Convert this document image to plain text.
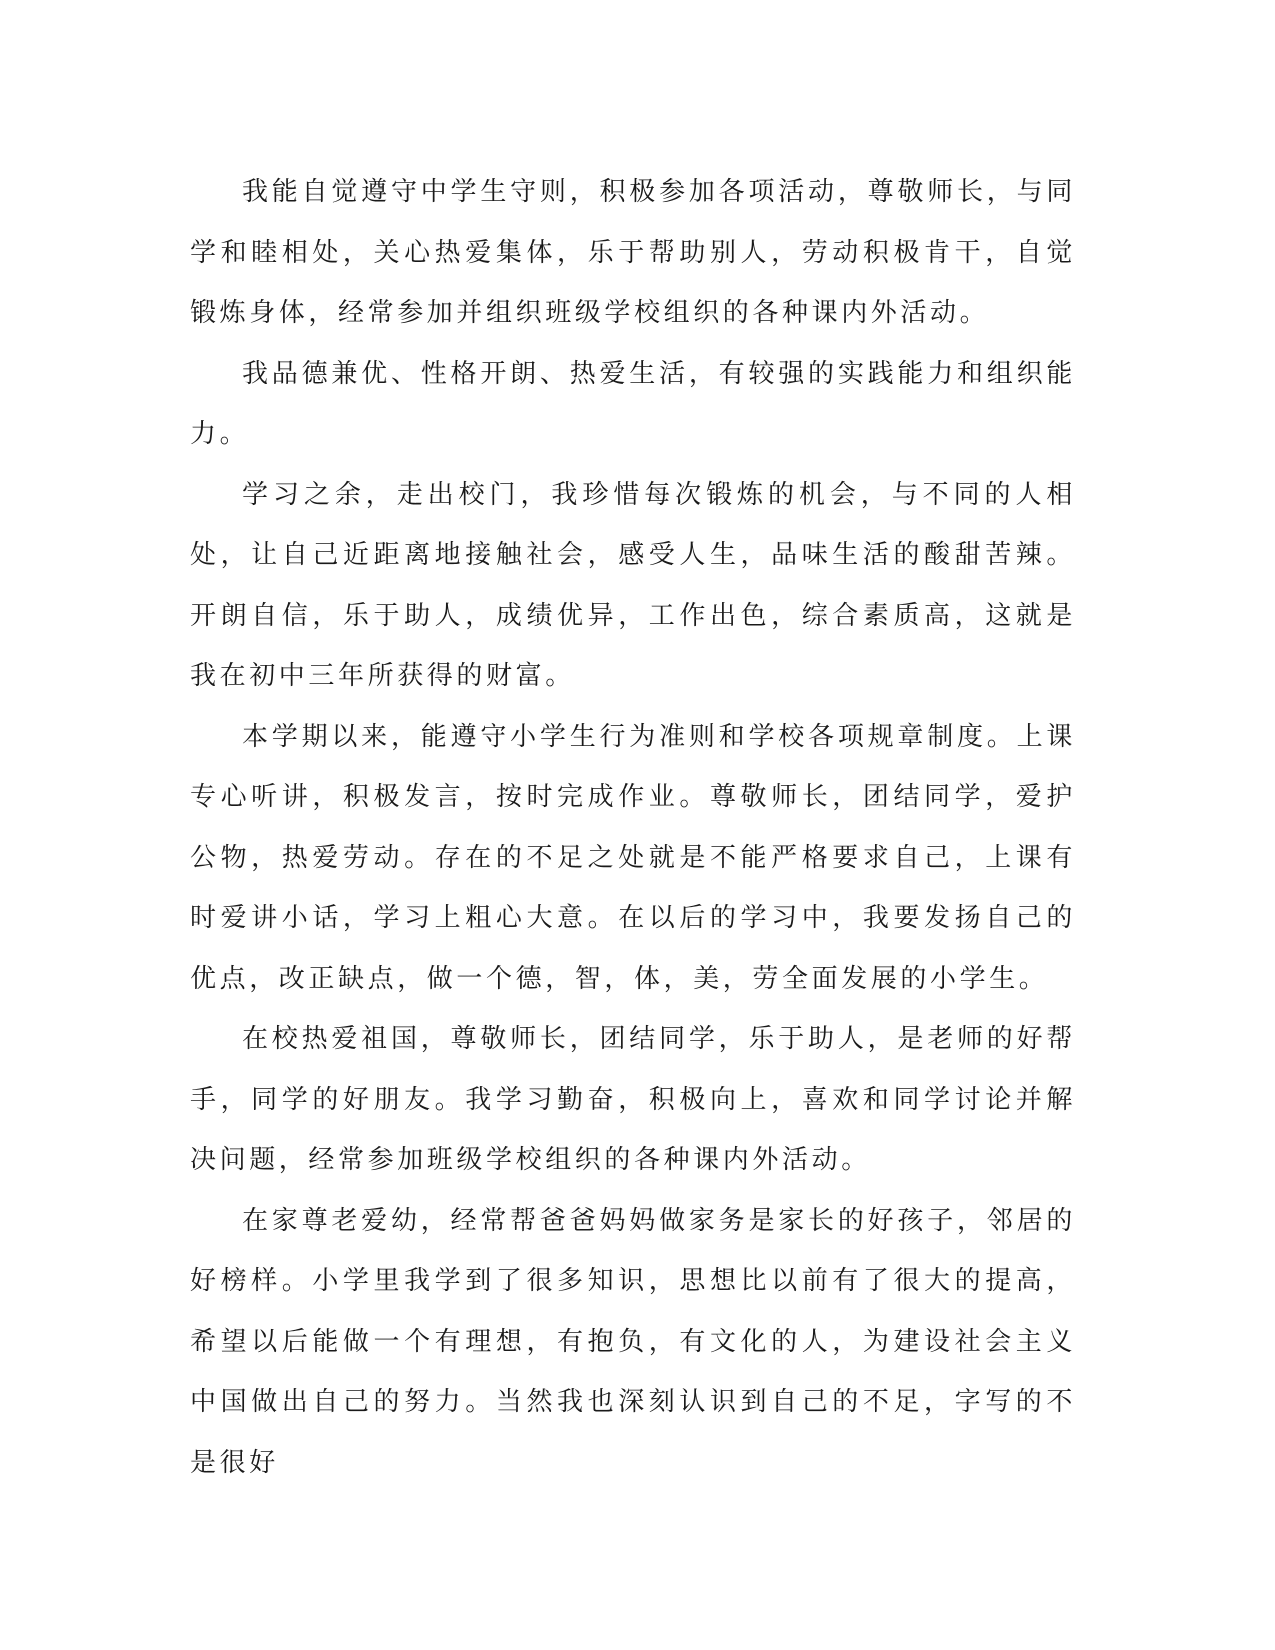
我能自觉遵守中学生守则，积极参加各项活动，尊敬师长，与同学和睦相处，关心热爱集体，乐于帮助别人，劳动积极肯干，自觉锻炼身体，经常参加并组织班级学校组织的各种课内外活动。

我品德兼优、性格开朗、热爱生活，有较强的实践能力和组织能力。

学习之余，走出校门，我珍惜每次锻炼的机会，与不同的人相处，让自己近距离地接触社会，感受人生，品味生活的酸甜苦辣。开朗自信，乐于助人，成绩优异，工作出色，综合素质高，这就是我在初中三年所获得的财富。

本学期以来，能遵守小学生行为准则和学校各项规章制度。上课专心听讲，积极发言，按时完成作业。尊敬师长，团结同学，爱护公物，热爱劳动。存在的不足之处就是不能严格要求自己，上课有时爱讲小话，学习上粗心大意。在以后的学习中，我要发扬自己的优点，改正缺点，做一个德，智，体，美，劳全面发展的小学生。

在校热爱祖国，尊敬师长，团结同学，乐于助人，是老师的好帮手，同学的好朋友。我学习勤奋，积极向上，喜欢和同学讨论并解决问题，经常参加班级学校组织的各种课内外活动。

在家尊老爱幼，经常帮爸爸妈妈做家务是家长的好孩子，邻居的好榜样。小学里我学到了很多知识，思想比以前有了很大的提高，希望以后能做一个有理想，有抱负，有文化的人，为建设社会主义中国做出自己的努力。当然我也深刻认识到自己的不足，字写的不是很好
